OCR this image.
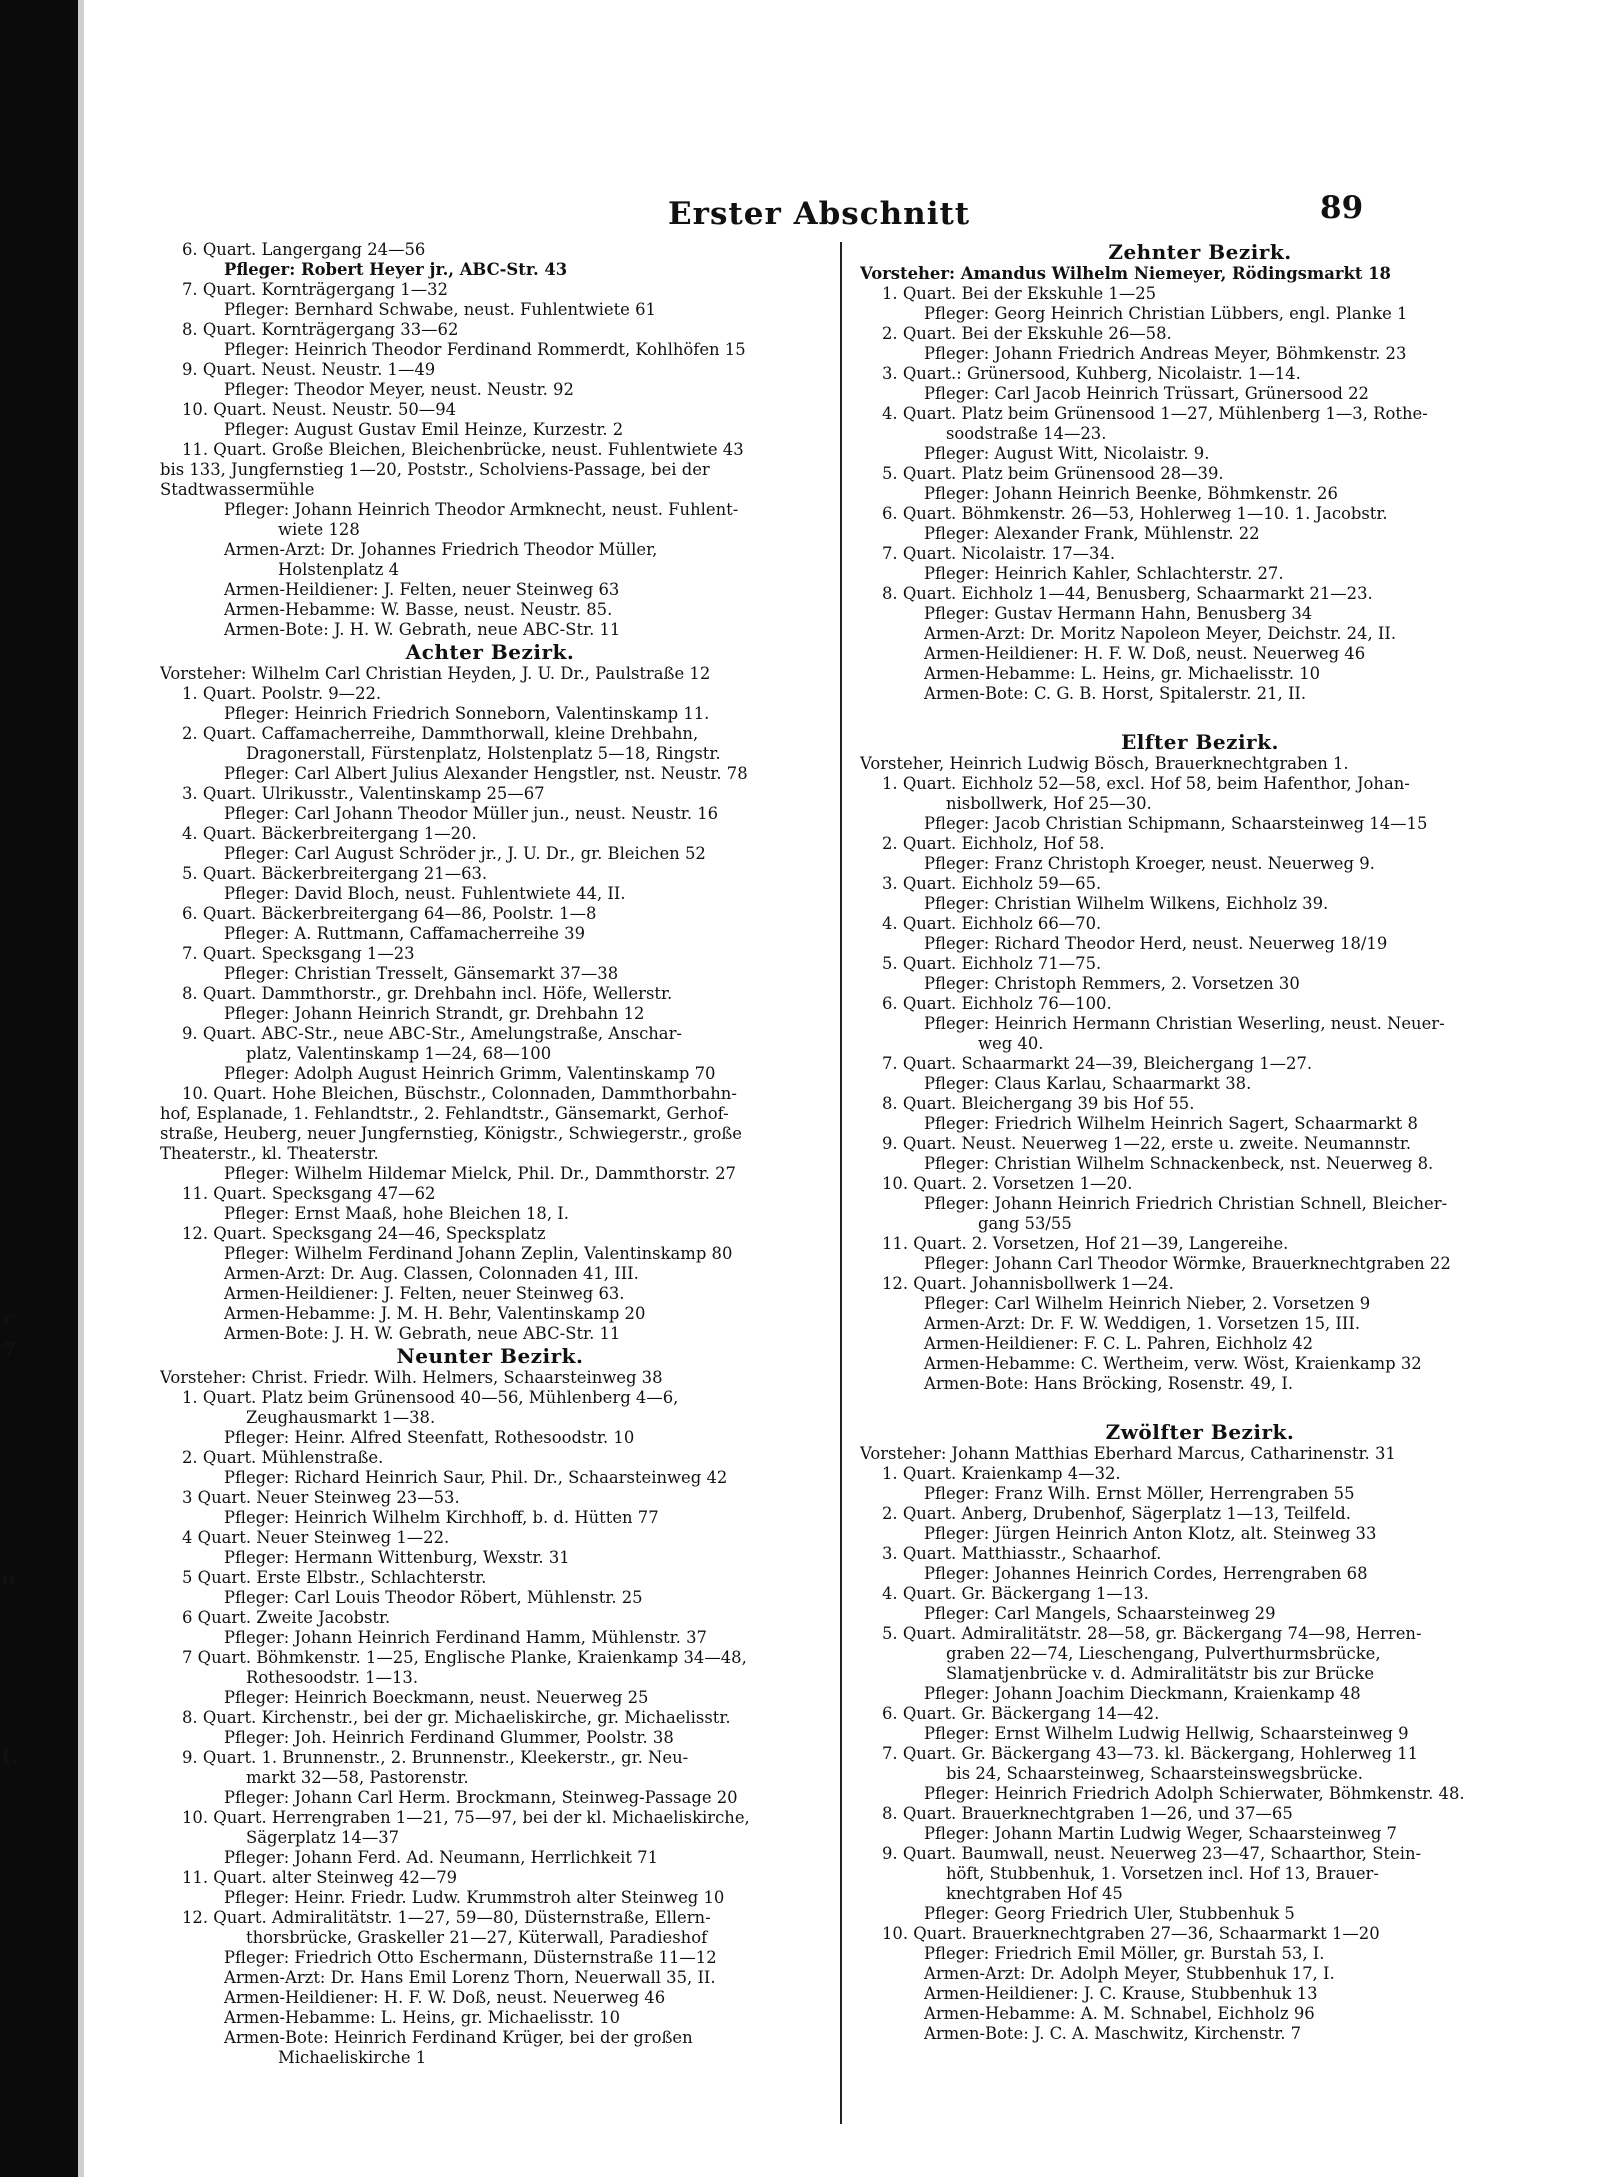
r
7
o
t.
Erster Abschnitt	89
6. Quart. Langergang 24—56
Pfleger: Robert Heyer jr., ABC-Str. 43
7. Quart. Kornträgergang 1—32
Pfleger: Bernhard Schwabe, neust. Fuhlentwiete 61
8. Quart. Kornträgergang 33—62
Pfleger: Heinrich Theodor Ferdinand Rommerdt, Kohlhöfen 15
9. Quart. Neust. Neustr. 1—49
Pfleger: Theodor Meyer, neust. Neustr. 92
10. Quart. Neust. Neustr. 50—94
Pfleger: August Gustav Emil Heinze, Kurzestr. 2
11. Quart. Große Bleichen, Bleichenbrücke, neust. Fuhlentwiete 43
bis 133, Jungfernstieg 1—20, Poststr., Scholviens-Passage, bei der
Stadtwassermühle
Pfleger: Johann Heinrich Theodor Armknecht, neust. Fuhlent-
wiete 128
Armen-Arzt: Dr. Johannes Friedrich Theodor Müller,
Holstenplatz 4
Armen-Heildiener: J. Felten, neuer Steinweg 63
Armen-Hebamme: W. Basse, neust. Neustr. 85.
Armen-Bote: J. H. W. Gebrath, neue ABC-Str. 11
Achter Bezirk.
Vorsteher: Wilhelm Carl Christian Heyden, J. U. Dr., Paulstraße 12
1. Quart. Poolstr. 9—22.
Pfleger: Heinrich Friedrich Sonneborn, Valentinskamp 11.
2. Quart. Caffamacherreihe, Dammthorwall, kleine Drehbahn,
Dragonerstall, Fürstenplatz, Holstenplatz 5—18, Ringstr.
Pfleger: Carl Albert Julius Alexander Hengstler, nst. Neustr. 78
3. Quart. Ulrikusstr., Valentinskamp 25—67
Pfleger: Carl Johann Theodor Müller jun., neust. Neustr. 16
4. Quart. Bäckerbreitergang 1—20.
Pfleger: Carl August Schröder jr., J. U. Dr., gr. Bleichen 52
5. Quart. Bäckerbreitergang 21—63.
Pfleger: David Bloch, neust. Fuhlentwiete 44, II.
6. Quart. Bäckerbreitergang 64—86, Poolstr. 1—8
Pfleger: A. Ruttmann, Caffamacherreihe 39
7. Quart. Specksgang 1—23
Pfleger: Christian Tresselt, Gänsemarkt 37—38
8. Quart. Dammthorstr., gr. Drehbahn incl. Höfe, Wellerstr.
Pfleger: Johann Heinrich Strandt, gr. Drehbahn 12
9. Quart. ABC-Str., neue ABC-Str., Amelungstraße, Anschar-
platz, Valentinskamp 1—24, 68—100
Pfleger: Adolph August Heinrich Grimm, Valentinskamp 70
10. Quart. Hohe Bleichen, Büschstr., Colonnaden, Dammthorbahn-
hof, Esplanade, 1. Fehlandtstr., 2. Fehlandtstr., Gänsemarkt, Gerhof-
straße, Heuberg, neuer Jungfernstieg, Königstr., Schwiegerstr., große
Theaterstr., kl. Theaterstr.
Pfleger: Wilhelm Hildemar Mielck, Phil. Dr., Dammthorstr. 27
11. Quart. Specksgang 47—62
Pfleger: Ernst Maaß, hohe Bleichen 18, I.
12. Quart. Specksgang 24—46, Specksplatz
Pfleger: Wilhelm Ferdinand Johann Zeplin, Valentinskamp 80
Armen-Arzt: Dr. Aug. Classen, Colonnaden 41, III.
Armen-Heildiener: J. Felten, neuer Steinweg 63.
Armen-Hebamme: J. M. H. Behr, Valentinskamp 20
Armen-Bote: J. H. W. Gebrath, neue ABC-Str. 11
Neunter Bezirk.
Vorsteher: Christ. Friedr. Wilh. Helmers, Schaarsteinweg 38
1. Quart. Platz beim Grünensood 40—56, Mühlenberg 4—6,
Zeughausmarkt 1—38.
Pfleger: Heinr. Alfred Steenfatt, Rothesoodstr. 10
2. Quart. Mühlenstraße.
Pfleger: Richard Heinrich Saur, Phil. Dr., Schaarsteinweg 42
3 Quart. Neuer Steinweg 23—53.
Pfleger: Heinrich Wilhelm Kirchhoff, b. d. Hütten 77
4 Quart. Neuer Steinweg 1—22.
Pfleger: Hermann Wittenburg, Wexstr. 31
5 Quart. Erste Elbstr., Schlachterstr.
Pfleger: Carl Louis Theodor Röbert, Mühlenstr. 25
6 Quart. Zweite Jacobstr.
Pfleger: Johann Heinrich Ferdinand Hamm, Mühlenstr. 37
7 Quart. Böhmkenstr. 1—25, Englische Planke, Kraienkamp 34—48,
Rothesoodstr. 1—13.
Pfleger: Heinrich Boeckmann, neust. Neuerweg 25
8. Quart. Kirchenstr., bei der gr. Michaeliskirche, gr. Michaelisstr.
Pfleger: Joh. Heinrich Ferdinand Glummer, Poolstr. 38
9. Quart. 1. Brunnenstr., 2. Brunnenstr., Kleekerstr., gr. Neu-
markt 32—58, Pastorenstr.
Pfleger: Johann Carl Herm. Brockmann, Steinweg-Passage 20
10. Quart. Herrengraben 1—21, 75—97, bei der kl. Michaeliskirche,
Sägerplatz 14—37
Pfleger: Johann Ferd. Ad. Neumann, Herrlichkeit 71
11. Quart. alter Steinweg 42—79
Pfleger: Heinr. Friedr. Ludw. Krummstroh alter Steinweg 10
12. Quart. Admiralitätstr. 1—27, 59—80, Düsternstraße, Ellern-
thorsbrücke, Graskeller 21—27, Küterwall, Paradieshof
Pfleger: Friedrich Otto Eschermann, Düsternstraße 11—12
Armen-Arzt: Dr. Hans Emil Lorenz Thorn, Neuerwall 35, II.
Armen-Heildiener: H. F. W. Doß, neust. Neuerweg 46
Armen-Hebamme: L. Heins, gr. Michaelisstr. 10
Armen-Bote: Heinrich Ferdinand Krüger, bei der großen
Michaeliskirche 1
Zehnter Bezirk.
Vorsteher: Amandus Wilhelm Niemeyer, Rödingsmarkt 18
1. Quart. Bei der Ekskuhle 1—25
Pfleger: Georg Heinrich Christian Lübbers, engl. Planke 1
2. Quart. Bei der Ekskuhle 26—58.
Pfleger: Johann Friedrich Andreas Meyer, Böhmkenstr. 23
3. Quart.: Grünersood, Kuhberg, Nicolaistr. 1—14.
Pfleger: Carl Jacob Heinrich Trüssart, Grünersood 22
4. Quart. Platz beim Grünensood 1—27, Mühlenberg 1—3, Rothe-
soodstraße 14—23.
Pfleger: August Witt, Nicolaistr. 9.
5. Quart. Platz beim Grünensood 28—39.
Pfleger: Johann Heinrich Beenke, Böhmkenstr. 26
6. Quart. Böhmkenstr. 26—53, Hohlerweg 1—10. 1. Jacobstr.
Pfleger: Alexander Frank, Mühlenstr. 22
7. Quart. Nicolaistr. 17—34.
Pfleger: Heinrich Kahler, Schlachterstr. 27.
8. Quart. Eichholz 1—44, Benusberg, Schaarmarkt 21—23.
Pfleger: Gustav Hermann Hahn, Benusberg 34
Armen-Arzt: Dr. Moritz Napoleon Meyer, Deichstr. 24, II.
Armen-Heildiener: H. F. W. Doß, neust. Neuerweg 46
Armen-Hebamme: L. Heins, gr. Michaelisstr. 10
Armen-Bote: C. G. B. Horst, Spitalerstr. 21, II.
Elfter Bezirk.
Vorsteher, Heinrich Ludwig Bösch, Brauerknechtgraben 1.
1. Quart. Eichholz 52—58, excl. Hof 58, beim Hafenthor, Johan-
nisbollwerk, Hof 25—30.
Pfleger: Jacob Christian Schipmann, Schaarsteinweg 14—15
2. Quart. Eichholz, Hof 58.
Pfleger: Franz Christoph Kroeger, neust. Neuerweg 9.
3. Quart. Eichholz 59—65.
Pfleger: Christian Wilhelm Wilkens, Eichholz 39.
4. Quart. Eichholz 66—70.
Pfleger: Richard Theodor Herd, neust. Neuerweg 18/19
5. Quart. Eichholz 71—75.
Pfleger: Christoph Remmers, 2. Vorsetzen 30
6. Quart. Eichholz 76—100.
Pfleger: Heinrich Hermann Christian Weserling, neust. Neuer-
weg 40.
7. Quart. Schaarmarkt 24—39, Bleichergang 1—27.
Pfleger: Claus Karlau, Schaarmarkt 38.
8. Quart. Bleichergang 39 bis Hof 55.
Pfleger: Friedrich Wilhelm Heinrich Sagert, Schaarmarkt 8
9. Quart. Neust. Neuerweg 1—22, erste u. zweite. Neumannstr.
Pfleger: Christian Wilhelm Schnackenbeck, nst. Neuerweg 8.
10. Quart. 2. Vorsetzen 1—20.
Pfleger: Johann Heinrich Friedrich Christian Schnell, Bleicher-
gang 53/55
11. Quart. 2. Vorsetzen, Hof 21—39, Langereihe.
Pfleger: Johann Carl Theodor Wörmke, Brauerknechtgraben 22
12. Quart. Johannisbollwerk 1—24.
Pfleger: Carl Wilhelm Heinrich Nieber, 2. Vorsetzen 9
Armen-Arzt: Dr. F. W. Weddigen, 1. Vorsetzen 15, III.
Armen-Heildiener: F. C. L. Pahren, Eichholz 42
Armen-Hebamme: C. Wertheim, verw. Wöst, Kraienkamp 32
Armen-Bote: Hans Bröcking, Rosenstr. 49, I.
Zwölfter Bezirk.
Vorsteher: Johann Matthias Eberhard Marcus, Catharinenstr. 31
1. Quart. Kraienkamp 4—32.
Pfleger: Franz Wilh. Ernst Möller, Herrengraben 55
2. Quart. Anberg, Drubenhof, Sägerplatz 1—13, Teilfeld.
Pfleger: Jürgen Heinrich Anton Klotz, alt. Steinweg 33
3. Quart. Matthiasstr., Schaarhof.
Pfleger: Johannes Heinrich Cordes, Herrengraben 68
4. Quart. Gr. Bäckergang 1—13.
Pfleger: Carl Mangels, Schaarsteinweg 29
5. Quart. Admiralitätstr. 28—58, gr. Bäckergang 74—98, Herren-
graben 22—74, Lieschengang, Pulverthurmsbrücke,
Slamatjenbrücke v. d. Admiralitätstr bis zur Brücke
Pfleger: Johann Joachim Dieckmann, Kraienkamp 48
6. Quart. Gr. Bäckergang 14—42.
Pfleger: Ernst Wilhelm Ludwig Hellwig, Schaarsteinweg 9
7. Quart. Gr. Bäckergang 43—73. kl. Bäckergang, Hohlerweg 11
bis 24, Schaarsteinweg, Schaarsteinswegsbrücke.
Pfleger: Heinrich Friedrich Adolph Schierwater, Böhmkenstr. 48.
8. Quart. Brauerknechtgraben 1—26, und 37—65
Pfleger: Johann Martin Ludwig Weger, Schaarsteinweg 7
9. Quart. Baumwall, neust. Neuerweg 23—47, Schaarthor, Stein-
höft, Stubbenhuk, 1. Vorsetzen incl. Hof 13, Brauer-
knechtgraben Hof 45
Pfleger: Georg Friedrich Uler, Stubbenhuk 5
10. Quart. Brauerknechtgraben 27—36, Schaarmarkt 1—20
Pfleger: Friedrich Emil Möller, gr. Burstah 53, I.
Armen-Arzt: Dr. Adolph Meyer, Stubbenhuk 17, I.
Armen-Heildiener: J. C. Krause, Stubbenhuk 13
Armen-Hebamme: A. M. Schnabel, Eichholz 96
Armen-Bote: J. C. A. Maschwitz, Kirchenstr. 7
